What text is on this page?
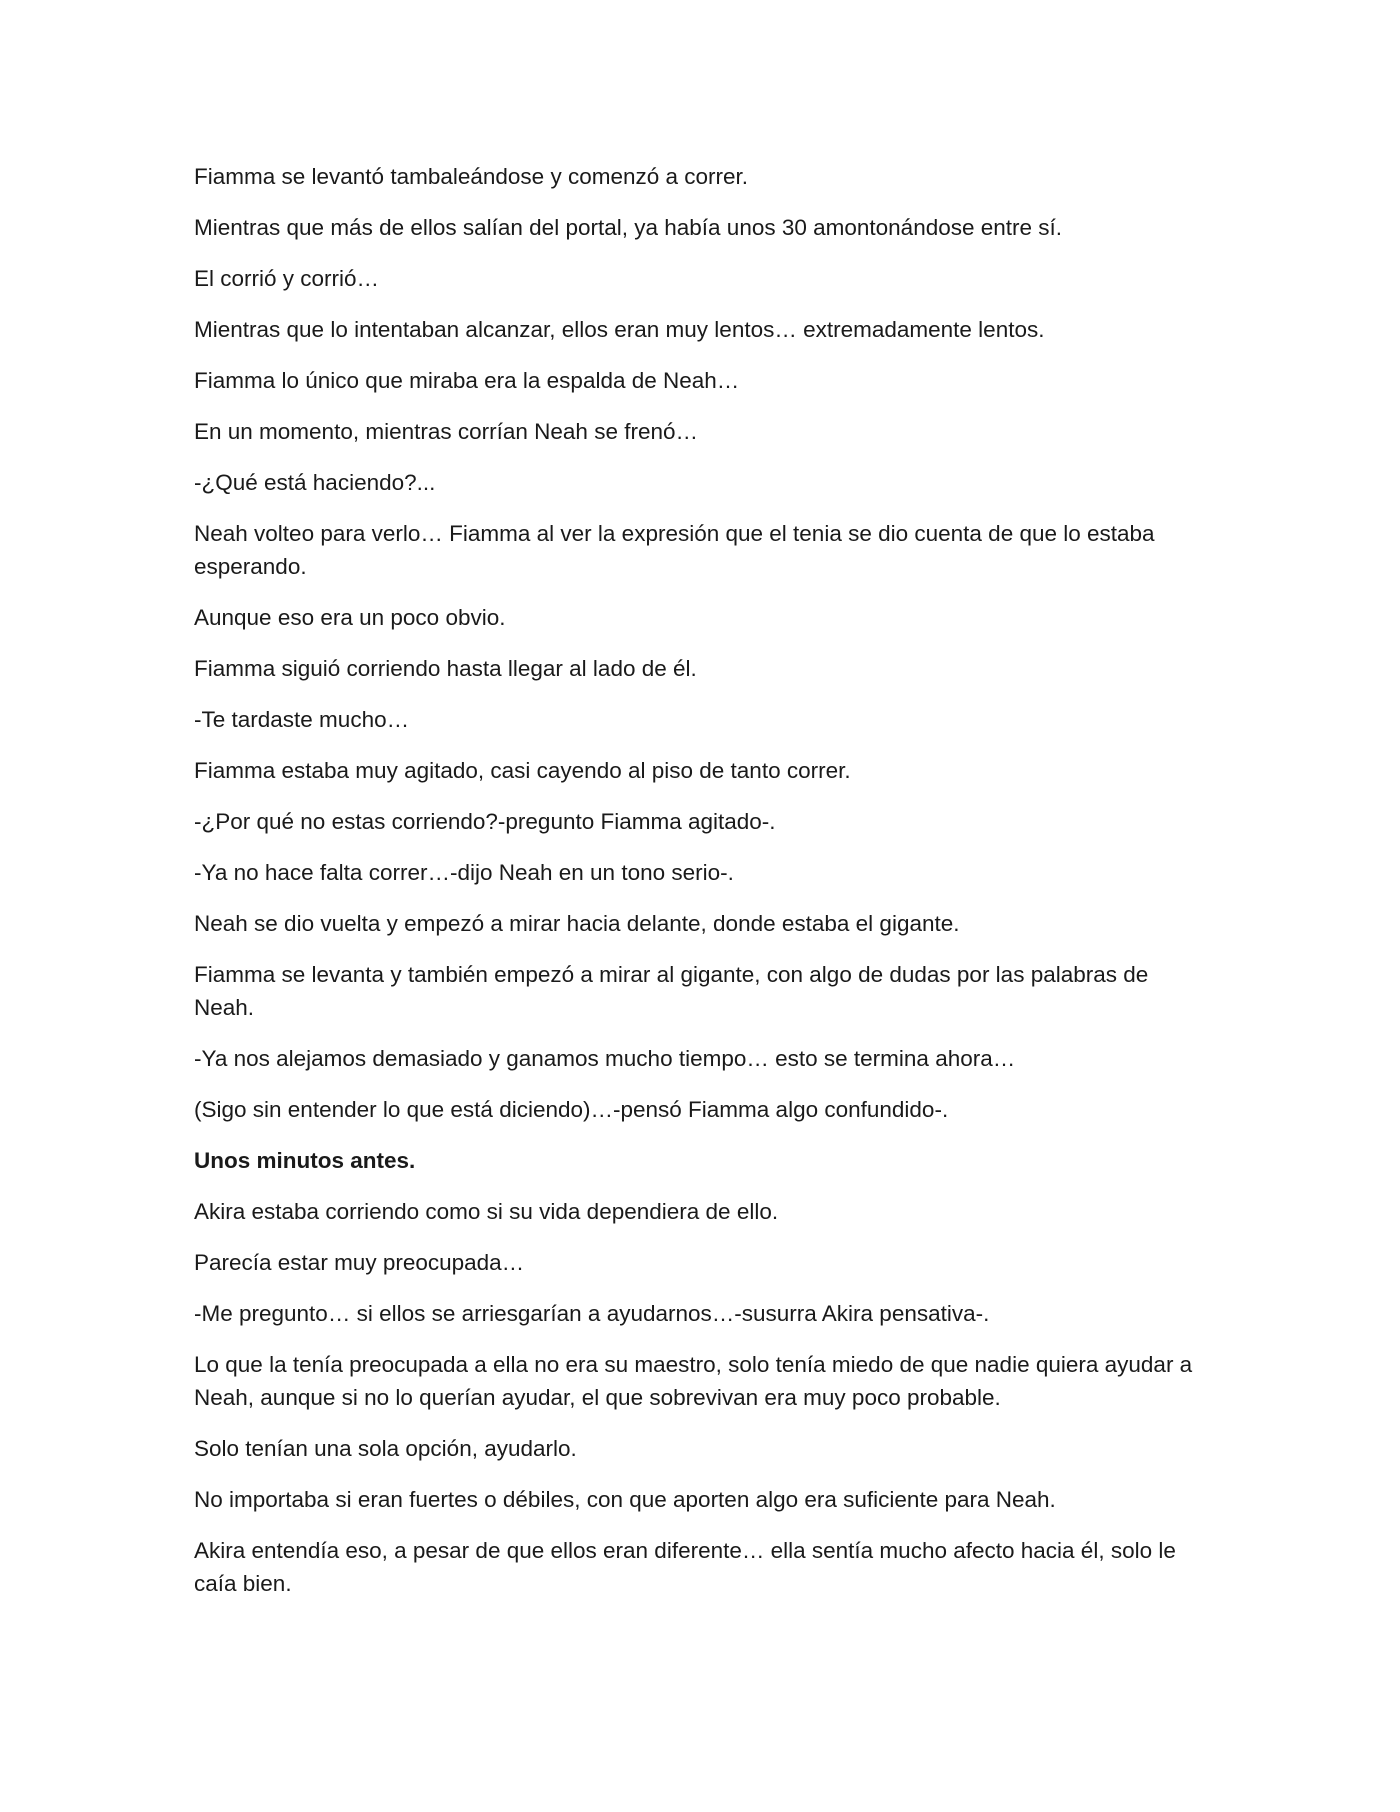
Fiamma se levantó tambaleándose y comenzó a correr.

Mientras que más de ellos salían del portal, ya había unos 30 amontonándose entre sí.

El corrió y corrió…

Mientras que lo intentaban alcanzar, ellos eran muy lentos… extremadamente lentos.

Fiamma lo único que miraba era la espalda de Neah…

En un momento, mientras corrían Neah se frenó…

-¿Qué está haciendo?...

Neah volteo para verlo… Fiamma al ver la expresión que el tenia se dio cuenta de que lo estaba esperando.

Aunque eso era un poco obvio.

Fiamma siguió corriendo hasta llegar al lado de él.

-Te tardaste mucho…

Fiamma estaba muy agitado, casi cayendo al piso de tanto correr.

-¿Por qué no estas corriendo?-pregunto Fiamma agitado-.

-Ya no hace falta correr…-dijo Neah en un tono serio-.

Neah se dio vuelta y empezó a mirar hacia delante, donde estaba el gigante.

Fiamma se levanta y también empezó a mirar al gigante, con algo de dudas por las palabras de Neah.

-Ya nos alejamos demasiado y ganamos mucho tiempo… esto se termina ahora…

(Sigo sin entender lo que está diciendo)…-pensó Fiamma algo confundido-.

Unos minutos antes.

Akira estaba corriendo como si su vida dependiera de ello.

Parecía estar muy preocupada…

-Me pregunto… si ellos se arriesgarían a ayudarnos…-susurra Akira pensativa-.

Lo que la tenía preocupada a ella no era su maestro, solo tenía miedo de que nadie quiera ayudar a Neah, aunque si no lo querían ayudar, el que sobrevivan era muy poco probable.

Solo tenían una sola opción, ayudarlo.

No importaba si eran fuertes o débiles, con que aporten algo era suficiente para Neah.

Akira entendía eso, a pesar de que ellos eran diferente… ella sentía mucho afecto hacia él, solo le caía bien.
